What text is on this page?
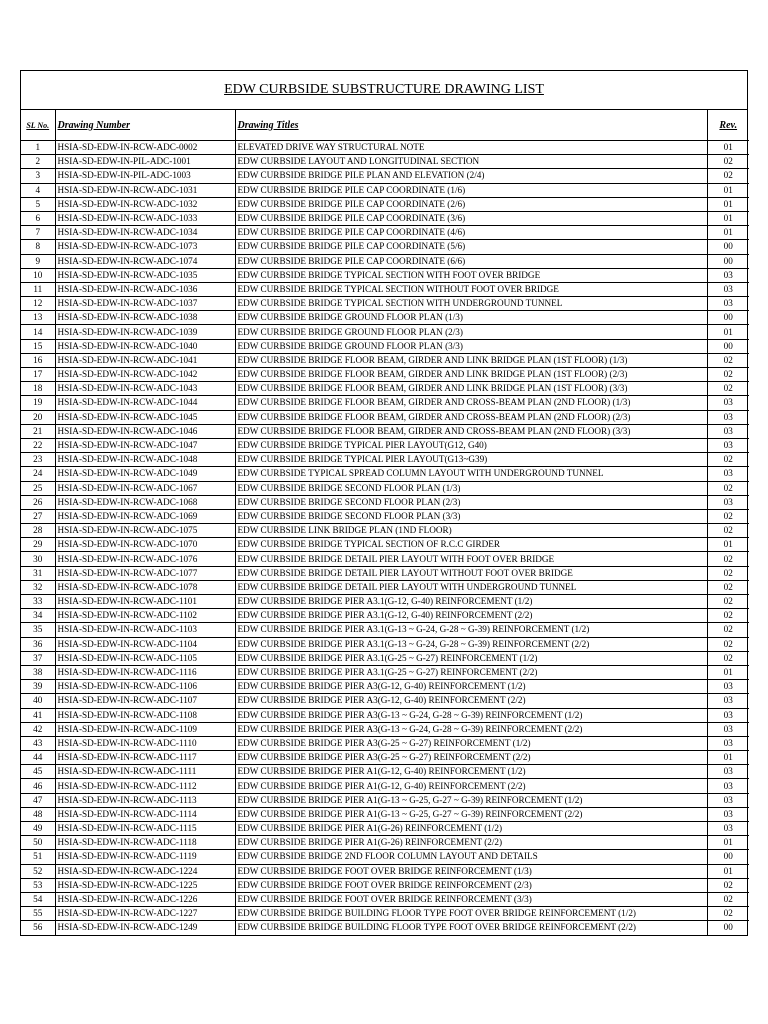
EDW CURBSIDE SUBSTRUCTURE DRAWING LIST
SL No.	Drawing Number	Drawing Titles	Rev.
1	HSIA-SD-EDW-IN-RCW-ADC-0002	ELEVATED DRIVE WAY STRUCTURAL NOTE	01
2	HSIA-SD-EDW-IN-PIL-ADC-1001	EDW CURBSIDE LAYOUT AND LONGITUDINAL SECTION	02
3	HSIA-SD-EDW-IN-PIL-ADC-1003	EDW CURBSIDE BRIDGE PILE PLAN AND ELEVATION (2/4)	02
4	HSIA-SD-EDW-IN-RCW-ADC-1031	EDW CURBSIDE BRIDGE PILE CAP COORDINATE (1/6)	01
5	HSIA-SD-EDW-IN-RCW-ADC-1032	EDW CURBSIDE BRIDGE PILE CAP COORDINATE (2/6)	01
6	HSIA-SD-EDW-IN-RCW-ADC-1033	EDW CURBSIDE BRIDGE PILE CAP COORDINATE (3/6)	01
7	HSIA-SD-EDW-IN-RCW-ADC-1034	EDW CURBSIDE BRIDGE PILE CAP COORDINATE (4/6)	01
8	HSIA-SD-EDW-IN-RCW-ADC-1073	EDW CURBSIDE BRIDGE PILE CAP COORDINATE (5/6)	00
9	HSIA-SD-EDW-IN-RCW-ADC-1074	EDW CURBSIDE BRIDGE PILE CAP COORDINATE (6/6)	00
10	HSIA-SD-EDW-IN-RCW-ADC-1035	EDW CURBSIDE BRIDGE TYPICAL SECTION WITH FOOT OVER BRIDGE	03
11	HSIA-SD-EDW-IN-RCW-ADC-1036	EDW CURBSIDE BRIDGE TYPICAL SECTION WITHOUT FOOT OVER BRIDGE	03
12	HSIA-SD-EDW-IN-RCW-ADC-1037	EDW CURBSIDE BRIDGE TYPICAL SECTION WITH UNDERGROUND TUNNEL	03
13	HSIA-SD-EDW-IN-RCW-ADC-1038	EDW CURBSIDE BRIDGE GROUND FLOOR PLAN (1/3)	00
14	HSIA-SD-EDW-IN-RCW-ADC-1039	EDW CURBSIDE BRIDGE GROUND FLOOR PLAN (2/3)	01
15	HSIA-SD-EDW-IN-RCW-ADC-1040	EDW CURBSIDE BRIDGE GROUND FLOOR PLAN (3/3)	00
16	HSIA-SD-EDW-IN-RCW-ADC-1041	EDW CURBSIDE BRIDGE FLOOR BEAM, GIRDER AND LINK BRIDGE PLAN (1ST FLOOR) (1/3)	02
17	HSIA-SD-EDW-IN-RCW-ADC-1042	EDW CURBSIDE BRIDGE FLOOR BEAM, GIRDER AND LINK BRIDGE PLAN (1ST FLOOR) (2/3)	02
18	HSIA-SD-EDW-IN-RCW-ADC-1043	EDW CURBSIDE BRIDGE FLOOR BEAM, GIRDER AND LINK BRIDGE PLAN (1ST FLOOR) (3/3)	02
19	HSIA-SD-EDW-IN-RCW-ADC-1044	EDW CURBSIDE BRIDGE FLOOR BEAM, GIRDER AND CROSS-BEAM PLAN (2ND FLOOR) (1/3)	03
20	HSIA-SD-EDW-IN-RCW-ADC-1045	EDW CURBSIDE BRIDGE FLOOR BEAM, GIRDER AND CROSS-BEAM PLAN (2ND FLOOR) (2/3)	03
21	HSIA-SD-EDW-IN-RCW-ADC-1046	EDW CURBSIDE BRIDGE FLOOR BEAM, GIRDER AND CROSS-BEAM PLAN (2ND FLOOR) (3/3)	03
22	HSIA-SD-EDW-IN-RCW-ADC-1047	EDW CURBSIDE BRIDGE TYPICAL PIER LAYOUT(G12, G40)	03
23	HSIA-SD-EDW-IN-RCW-ADC-1048	EDW CURBSIDE BRIDGE TYPICAL PIER LAYOUT(G13~G39)	02
24	HSIA-SD-EDW-IN-RCW-ADC-1049	EDW CURBSIDE TYPICAL SPREAD COLUMN LAYOUT WITH UNDERGROUND TUNNEL	03
25	HSIA-SD-EDW-IN-RCW-ADC-1067	EDW CURBSIDE BRIDGE SECOND FLOOR PLAN (1/3)	02
26	HSIA-SD-EDW-IN-RCW-ADC-1068	EDW CURBSIDE BRIDGE SECOND FLOOR PLAN (2/3)	03
27	HSIA-SD-EDW-IN-RCW-ADC-1069	EDW CURBSIDE BRIDGE SECOND FLOOR PLAN (3/3)	02
28	HSIA-SD-EDW-IN-RCW-ADC-1075	EDW CURBSIDE LINK BRIDGE PLAN (1ND FLOOR)	02
29	HSIA-SD-EDW-IN-RCW-ADC-1070	EDW CURBSIDE BRIDGE TYPICAL SECTION OF R.C.C GIRDER	01
30	HSIA-SD-EDW-IN-RCW-ADC-1076	EDW CURBSIDE BRIDGE DETAIL PIER LAYOUT WITH FOOT OVER BRIDGE	02
31	HSIA-SD-EDW-IN-RCW-ADC-1077	EDW CURBSIDE BRIDGE DETAIL PIER LAYOUT WITHOUT FOOT OVER BRIDGE	02
32	HSIA-SD-EDW-IN-RCW-ADC-1078	EDW CURBSIDE BRIDGE DETAIL PIER LAYOUT WITH UNDERGROUND TUNNEL	02
33	HSIA-SD-EDW-IN-RCW-ADC-1101	EDW CURBSIDE BRIDGE PIER A3.1(G-12, G-40) REINFORCEMENT (1/2)	02
34	HSIA-SD-EDW-IN-RCW-ADC-1102	EDW CURBSIDE BRIDGE PIER A3.1(G-12, G-40) REINFORCEMENT (2/2)	02
35	HSIA-SD-EDW-IN-RCW-ADC-1103	EDW CURBSIDE BRIDGE PIER A3.1(G-13 ~ G-24, G-28 ~ G-39) REINFORCEMENT (1/2)	02
36	HSIA-SD-EDW-IN-RCW-ADC-1104	EDW CURBSIDE BRIDGE PIER A3.1(G-13 ~ G-24, G-28 ~ G-39) REINFORCEMENT (2/2)	02
37	HSIA-SD-EDW-IN-RCW-ADC-1105	EDW CURBSIDE BRIDGE PIER A3.1(G-25 ~ G-27) REINFORCEMENT (1/2)	02
38	HSIA-SD-EDW-IN-RCW-ADC-1116	EDW CURBSIDE BRIDGE PIER A3.1(G-25 ~ G-27) REINFORCEMENT (2/2)	01
39	HSIA-SD-EDW-IN-RCW-ADC-1106	EDW CURBSIDE BRIDGE PIER A3(G-12, G-40) REINFORCEMENT (1/2)	03
40	HSIA-SD-EDW-IN-RCW-ADC-1107	EDW CURBSIDE BRIDGE PIER A3(G-12, G-40) REINFORCEMENT (2/2)	03
41	HSIA-SD-EDW-IN-RCW-ADC-1108	EDW CURBSIDE BRIDGE PIER A3(G-13 ~ G-24, G-28 ~ G-39) REINFORCEMENT (1/2)	03
42	HSIA-SD-EDW-IN-RCW-ADC-1109	EDW CURBSIDE BRIDGE PIER A3(G-13 ~ G-24, G-28 ~ G-39) REINFORCEMENT (2/2)	03
43	HSIA-SD-EDW-IN-RCW-ADC-1110	EDW CURBSIDE BRIDGE PIER A3(G-25 ~ G-27) REINFORCEMENT (1/2)	03
44	HSIA-SD-EDW-IN-RCW-ADC-1117	EDW CURBSIDE BRIDGE PIER A3(G-25 ~ G-27) REINFORCEMENT (2/2)	01
45	HSIA-SD-EDW-IN-RCW-ADC-1111	EDW CURBSIDE BRIDGE PIER A1(G-12, G-40) REINFORCEMENT (1/2)	03
46	HSIA-SD-EDW-IN-RCW-ADC-1112	EDW CURBSIDE BRIDGE PIER A1(G-12, G-40) REINFORCEMENT (2/2)	03
47	HSIA-SD-EDW-IN-RCW-ADC-1113	EDW CURBSIDE BRIDGE PIER A1(G-13 ~ G-25, G-27 ~ G-39) REINFORCEMENT (1/2)	03
48	HSIA-SD-EDW-IN-RCW-ADC-1114	EDW CURBSIDE BRIDGE PIER A1(G-13 ~ G-25, G-27 ~ G-39) REINFORCEMENT (2/2)	03
49	HSIA-SD-EDW-IN-RCW-ADC-1115	EDW CURBSIDE BRIDGE PIER A1(G-26) REINFORCEMENT (1/2)	03
50	HSIA-SD-EDW-IN-RCW-ADC-1118	EDW CURBSIDE BRIDGE PIER A1(G-26) REINFORCEMENT (2/2)	01
51	HSIA-SD-EDW-IN-RCW-ADC-1119	EDW CURBSIDE BRIDGE 2ND FLOOR COLUMN LAYOUT AND DETAILS	00
52	HSIA-SD-EDW-IN-RCW-ADC-1224	EDW CURBSIDE BRIDGE FOOT OVER BRIDGE REINFORCEMENT (1/3)	01
53	HSIA-SD-EDW-IN-RCW-ADC-1225	EDW CURBSIDE BRIDGE FOOT OVER BRIDGE REINFORCEMENT (2/3)	02
54	HSIA-SD-EDW-IN-RCW-ADC-1226	EDW CURBSIDE BRIDGE FOOT OVER BRIDGE REINFORCEMENT (3/3)	02
55	HSIA-SD-EDW-IN-RCW-ADC-1227	EDW CURBSIDE BRIDGE BUILDING FLOOR TYPE FOOT OVER BRIDGE REINFORCEMENT (1/2)	02
56	HSIA-SD-EDW-IN-RCW-ADC-1249	EDW CURBSIDE BRIDGE BUILDING FLOOR TYPE FOOT OVER BRIDGE REINFORCEMENT (2/2)	00
